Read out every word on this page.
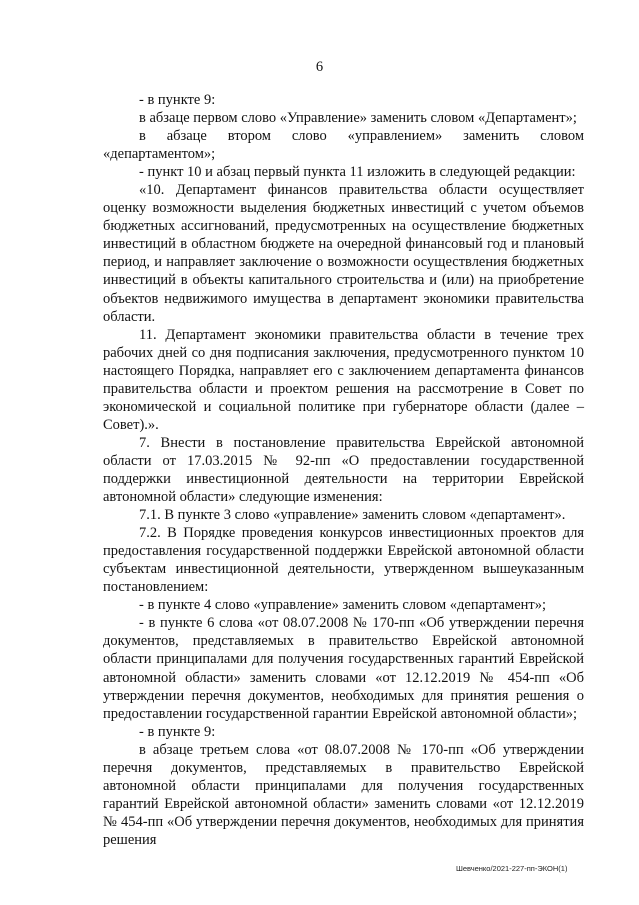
6

- в пункте 9:

в абзаце первом слово «Управление» заменить словом «Департамент»;

в абзаце втором слово «управлением» заменить словом «департаментом»;

- пункт 10 и абзац первый пункта 11 изложить в следующей редакции:

«10. Департамент финансов правительства области осуществляет оценку возможности выделения бюджетных инвестиций с учетом объемов бюджетных ассигнований, предусмотренных на осуществление бюджетных инвестиций в областном бюджете на очередной финансовый год и плановый период, и направляет заключение о возможности осуществления бюджетных инвестиций в объекты капитального строительства и (или) на приобретение объектов недвижимого имущества в департамент экономики правительства области.

11. Департамент экономики правительства области в течение трех рабочих дней со дня подписания заключения, предусмотренного пунктом 10 настоящего Порядка, направляет его с заключением департамента финансов правительства области и проектом решения на рассмотрение в Совет по экономической и социальной политике при губернаторе области (далее – Совет).».

7. Внести в постановление правительства Еврейской автономной области от 17.03.2015 № 92-пп «О предоставлении государственной поддержки инвестиционной деятельности на территории Еврейской автономной области» следующие изменения:

7.1. В пункте 3 слово «управление» заменить словом «департамент».

7.2. В Порядке проведения конкурсов инвестиционных проектов для предоставления государственной поддержки Еврейской автономной области субъектам инвестиционной деятельности, утвержденном вышеуказанным постановлением:

- в пункте 4 слово «управление» заменить словом «департамент»;

- в пункте 6 слова «от 08.07.2008 № 170-пп «Об утверждении перечня документов, представляемых в правительство Еврейской автономной области принципалами для получения государственных гарантий Еврейской автономной области» заменить словами «от 12.12.2019 № 454-пп «Об утверждении перечня документов, необходимых для принятия решения о предоставлении государственной гарантии Еврейской автономной области»;

- в пункте 9:

в абзаце третьем слова «от 08.07.2008 № 170-пп «Об утверждении перечня документов, представляемых в правительство Еврейской автономной области принципалами для получения государственных гарантий Еврейской автономной области» заменить словами «от 12.12.2019 № 454-пп «Об утверждении перечня документов, необходимых для принятия решения

Шевченко/2021-227-пп-ЭКОН(1)
